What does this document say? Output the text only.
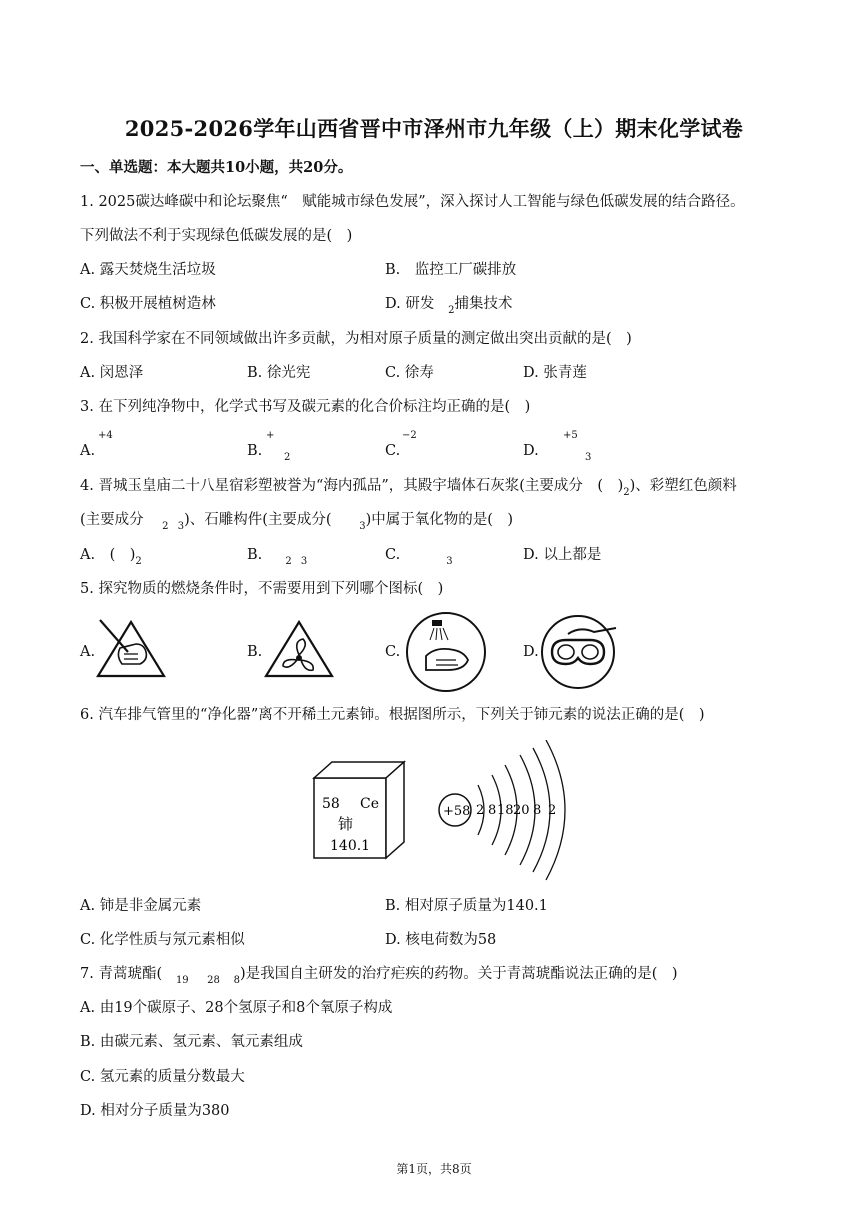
2025-2026学年山西省晋中市泽州市九年级（上）期末化学试卷
一、单选题：本大题共10小题，共20分。
1. 2025碳达峰碳中和论坛聚焦“　赋能城市绿色发展”，深入探讨人工智能与绿色低碳发展的结合路径。
下列做法不利于实现绿色低碳发展的是(　)
A. 露天焚烧生活垃圾	B.　监控工厂碳排放
C. 积极开展植树造林	D. 研发 $_2$捕集技术
2. 我国科学家在不同领域做出许多贡献，为相对原子质量的测定做出突出贡献的是(　)
A. 闵恩泽	B. 徐光宪	C. 徐寿	D. 张青莲
3. 在下列纯净物中，化学式书写及碳元素的化合价标注均正确的是(　)
A.
+4
B.
+
2	C.
−2
D.
+5
3
4. 晋城玉皇庙二十八星宿彩塑被誉为“海内孤品”，其殿宇墙体石灰浆(主要成分　(　)$_2$)、彩塑红色颜料
(主要成分 $_2$ $_3$)、石雕构件(主要成分(	$_3$)中属于氧化物的是(　)
A.　(　)$_2$	B. $_2$ $_3$	C.	$_3$	D. 以上都是
5. 探究物质的燃烧条件时，不需要用到下列哪个图标(　)
A.	B.	C.	D.
6. 汽车排气管里的“净化器”离不开稀土元素铈。根据图所示，下列关于铈元素的说法正确的是(　)
58 Ce
铈
140.1
+58 2 8 18 20 8 2
A. 铈是非金属元素	B. 相对原子质量为140.1
C. 化学性质与氖元素相似	D. 核电荷数为58
7. 青蒿琥酯( $_{19}$ $_{28}$ $_8$)是我国自主研发的治疗疟疾的药物。关于青蒿琥酯说法正确的是(　)
A. 由19个碳原子、28个氢原子和8个氧原子构成
B. 由碳元素、氢元素、氧元素组成
C. 氢元素的质量分数最大
D. 相对分子质量为380
第1页，共8页
